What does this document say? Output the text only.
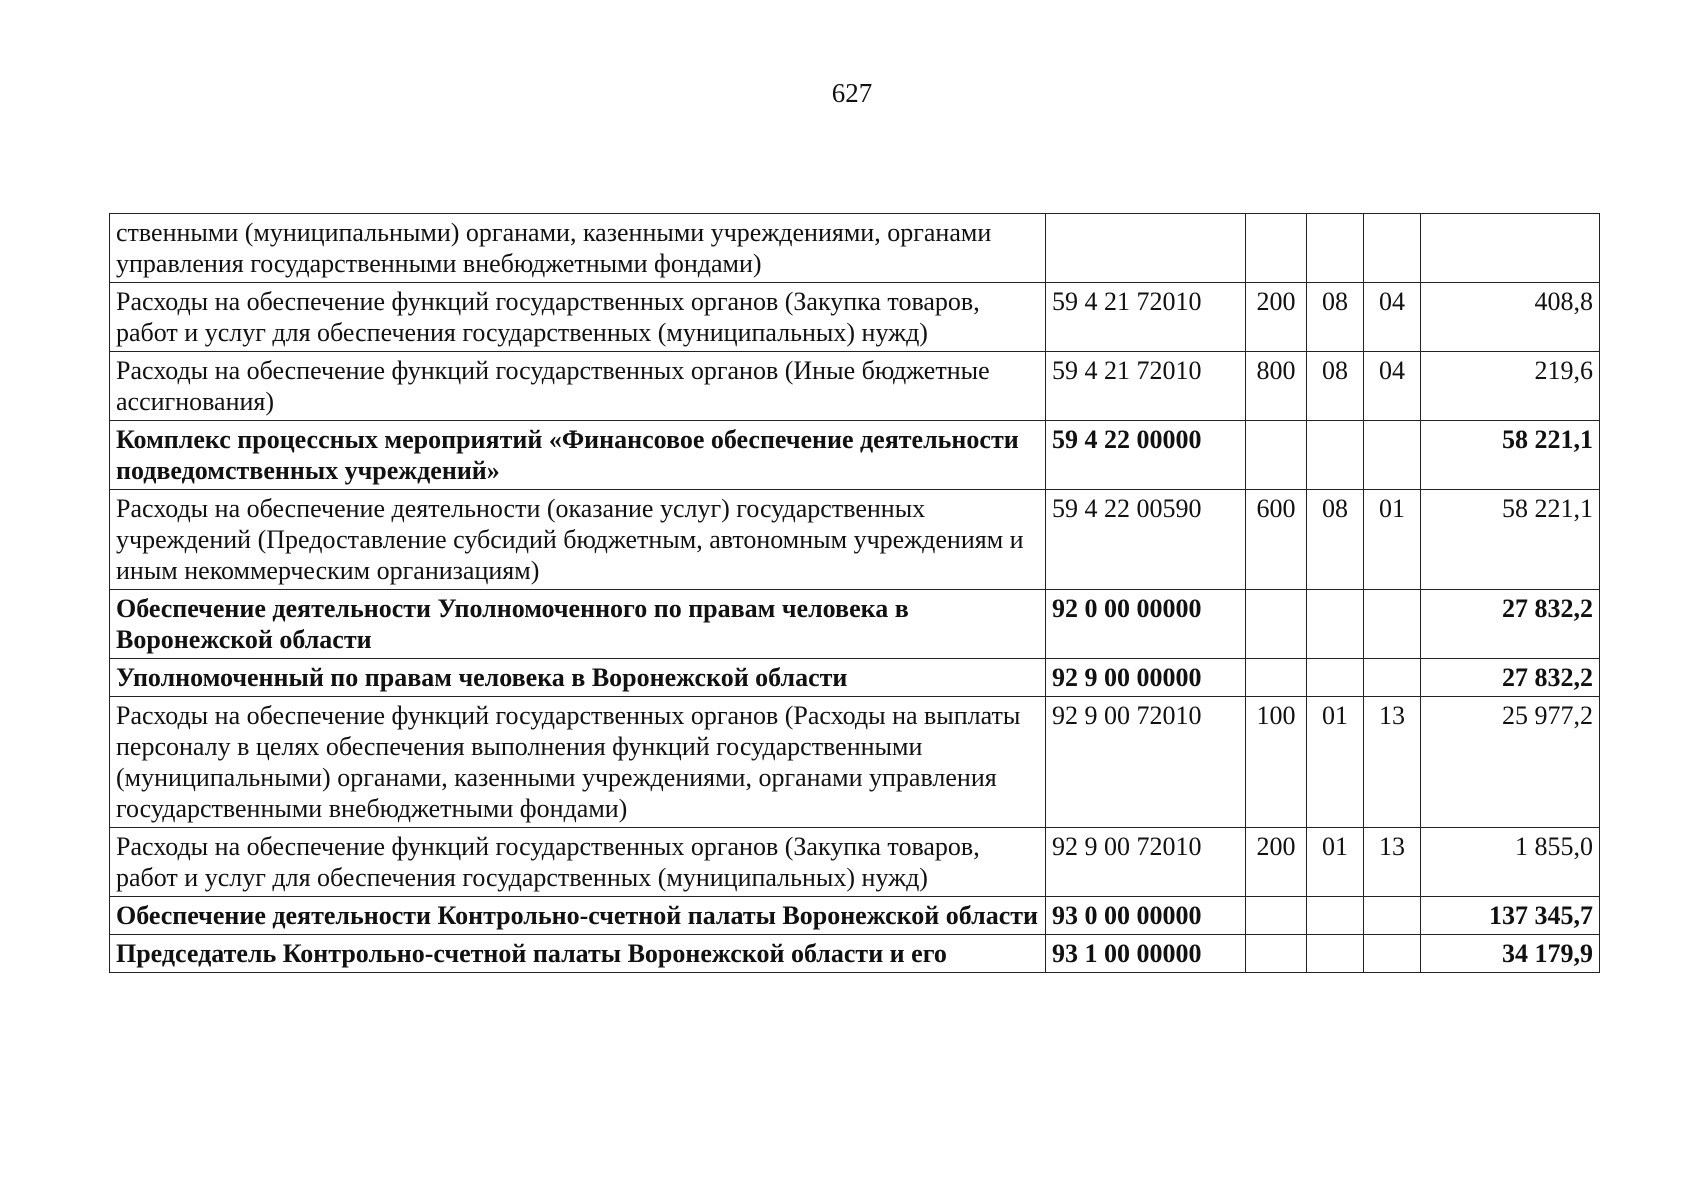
627
ственными (муниципальными) органами, казенными учреждениями, органами управления государственными внебюджетными фондами)					
Расходы на обеспечение функций государственных органов (Закупка товаров, работ и услуг для обеспечения государственных (муниципальных) нужд)	59 4 21 72010	200	08	04	408,8
Расходы на обеспечение функций государственных органов (Иные бюджетные ассигнования)	59 4 21 72010	800	08	04	219,6
Комплекс процессных мероприятий «Финансовое обеспечение деятельности подведомственных учреждений»	59 4 22 00000				58 221,1
Расходы на обеспечение деятельности (оказание услуг) государственных учреждений (Предоставление субсидий бюджетным, автономным учреждениям и иным некоммерческим организациям)	59 4 22 00590	600	08	01	58 221,1
Обеспечение деятельности Уполномоченного по правам человека в Воронежской области	92 0 00 00000				27 832,2
Уполномоченный по правам человека в Воронежской области	92 9 00 00000				27 832,2
Расходы на обеспечение функций государственных органов (Расходы на выплаты персоналу в целях обеспечения выполнения функций государственными (муниципальными) органами, казенными учреждениями, органами управления государственными внебюджетными фондами)	92 9 00 72010	100	01	13	25 977,2
Расходы на обеспечение функций государственных органов (Закупка товаров, работ и услуг для обеспечения государственных (муниципальных) нужд)	92 9 00 72010	200	01	13	1 855,0
Обеспечение деятельности Контрольно-счетной палаты Воронежской области	93 0 00 00000				137 345,7
Председатель Контрольно-счетной палаты Воронежской области и его	93 1 00 00000				34 179,9
